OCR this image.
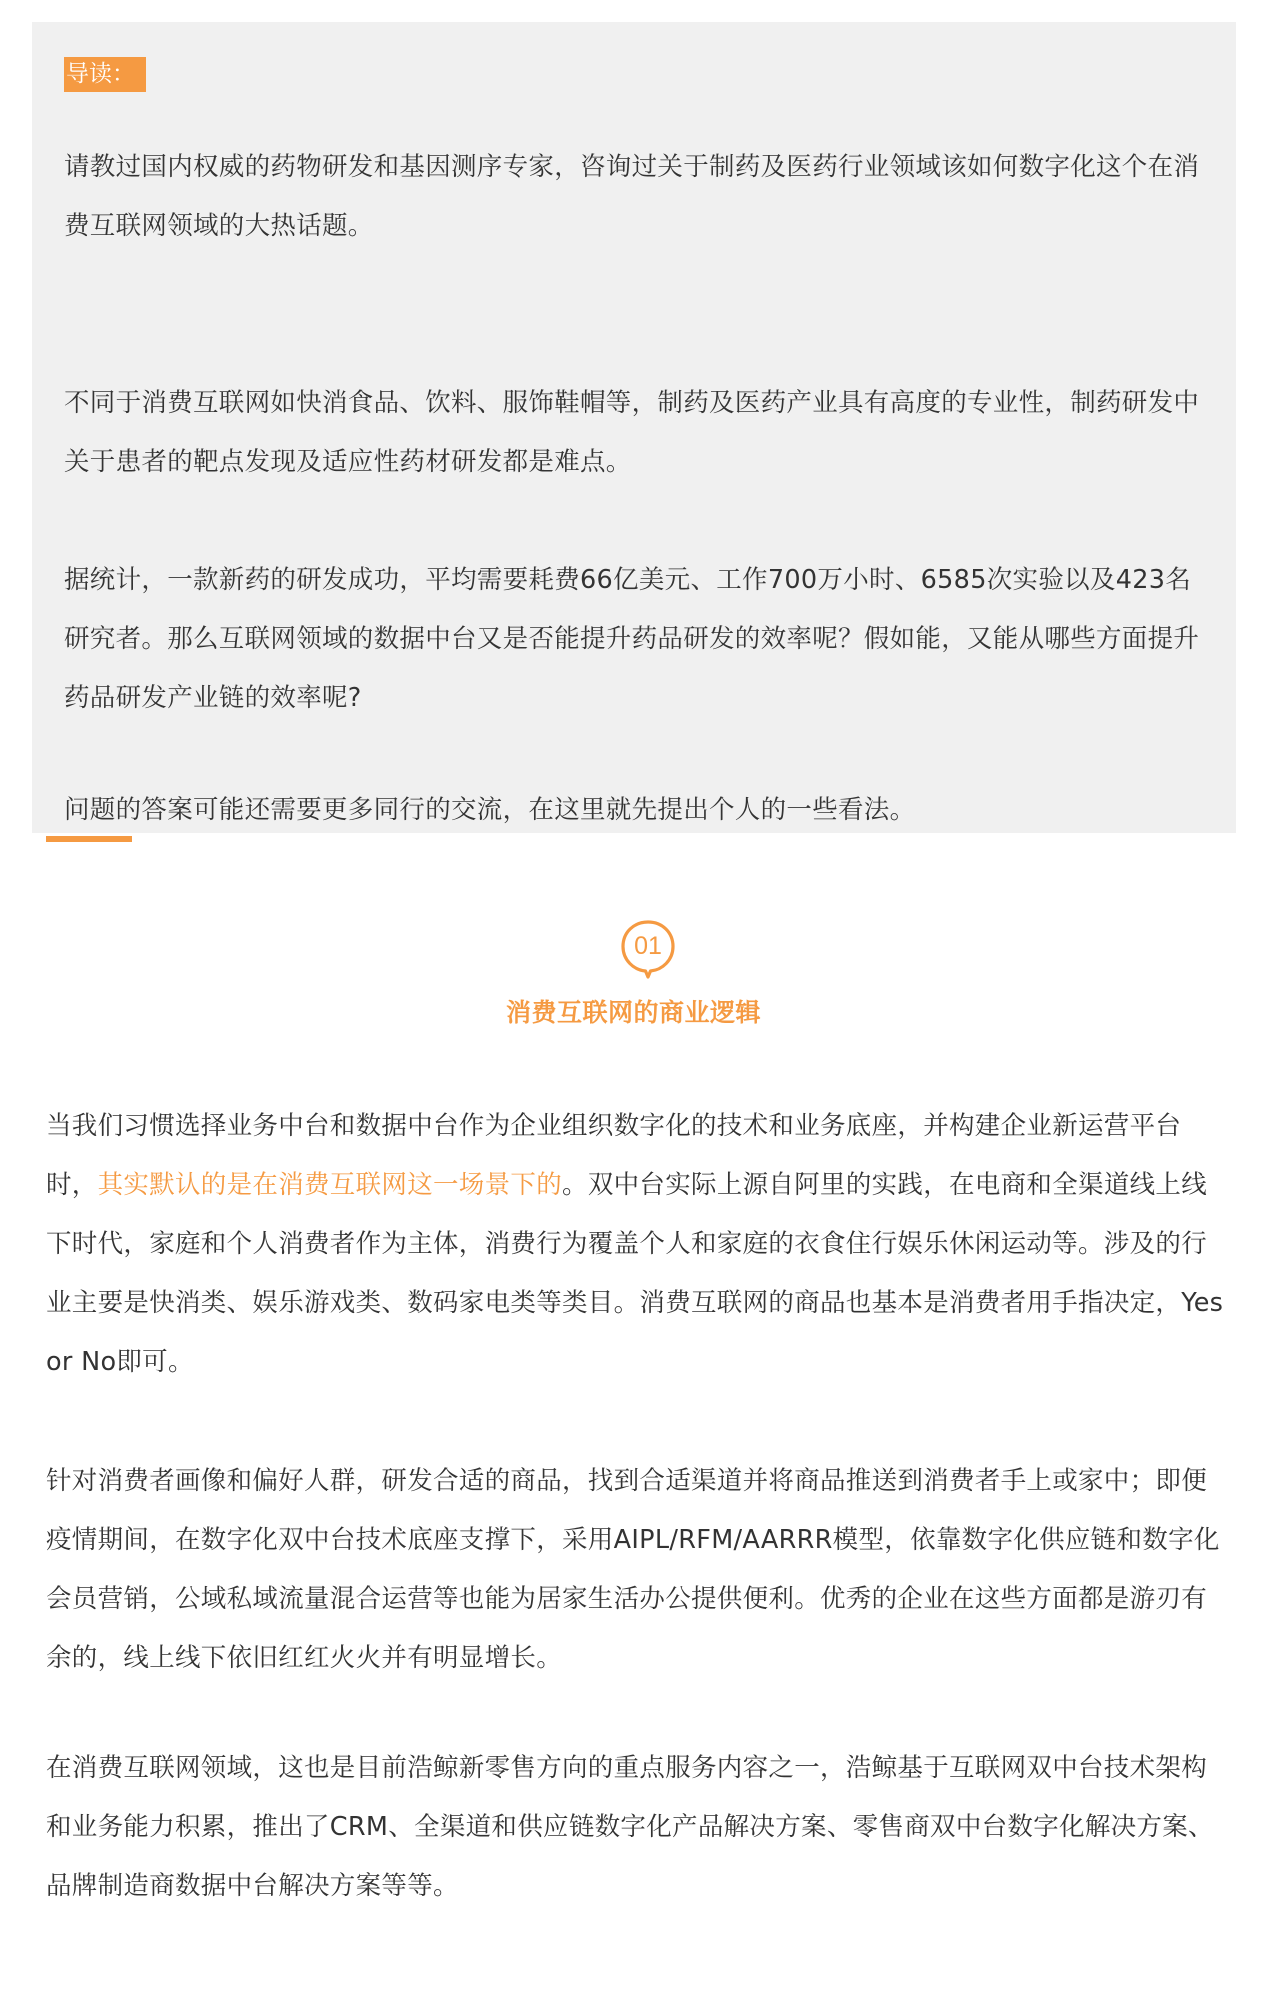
导读：

请教过国内权威的药物研发和基因测序专家，咨询过关于制药及医药行业领域该如何数字化这个在消费互联网领域的大热话题。

不同于消费互联网如快消食品、饮料、服饰鞋帽等，制药及医药产业具有高度的专业性，制药研发中关于患者的靶点发现及适应性药材研发都是难点。

据统计，一款新药的研发成功，平均需要耗费66亿美元、工作700万小时、6585次实验以及423名研究者。那么互联网领域的数据中台又是否能提升药品研发的效率呢？假如能，又能从哪些方面提升药品研发产业链的效率呢?

问题的答案可能还需要更多同行的交流，在这里就先提出个人的一些看法。

01
消费互联网的商业逻辑

当我们习惯选择业务中台和数据中台作为企业组织数字化的技术和业务底座，并构建企业新运营平台时，其实默认的是在消费互联网这一场景下的。双中台实际上源自阿里的实践，在电商和全渠道线上线下时代，家庭和个人消费者作为主体，消费行为覆盖个人和家庭的衣食住行娱乐休闲运动等。涉及的行业主要是快消类、娱乐游戏类、数码家电类等类目。消费互联网的商品也基本是消费者用手指决定，Yes or No即可。

针对消费者画像和偏好人群，研发合适的商品，找到合适渠道并将商品推送到消费者手上或家中；即便疫情期间，在数字化双中台技术底座支撑下，采用AIPL/RFM/AARRR模型，依靠数字化供应链和数字化会员营销，公域私域流量混合运营等也能为居家生活办公提供便利。优秀的企业在这些方面都是游刃有余的，线上线下依旧红红火火并有明显增长。

在消费互联网领域，这也是目前浩鲸新零售方向的重点服务内容之一，浩鲸基于互联网双中台技术架构和业务能力积累，推出了CRM、全渠道和供应链数字化产品解决方案、零售商双中台数字化解决方案、品牌制造商数据中台解决方案等等。
